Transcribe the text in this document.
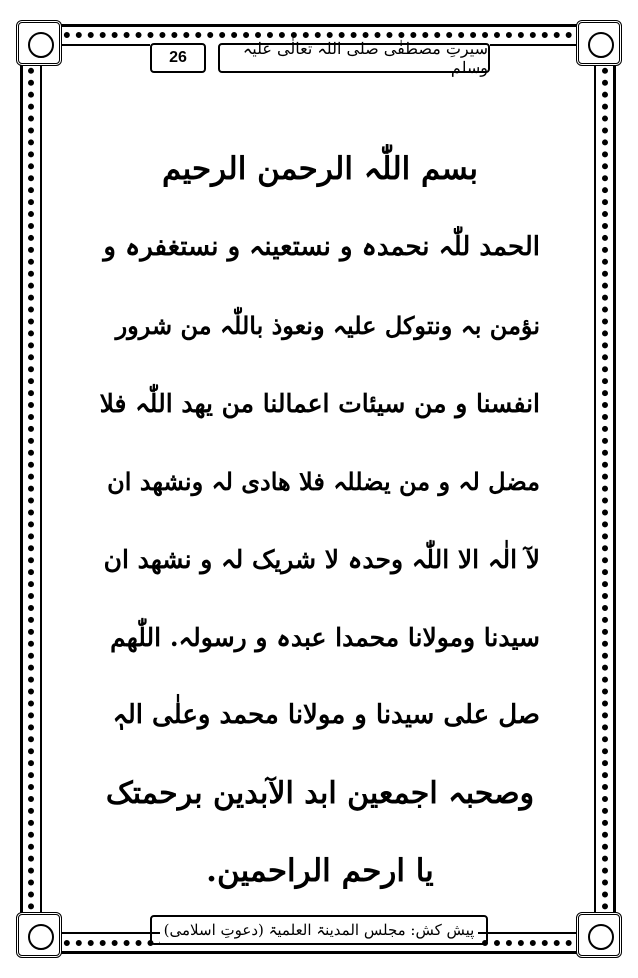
26	سیرتِ مصطفٰی صلی اللہ تعالٰی علیہ وسلم
بسم اللّٰہ الرحمن الرحیم
الحمد للّٰہ نحمدہ و نستعینہ و نستغفرہ و
نؤمن بہ ونتوکل علیہ ونعوذ باللّٰہ من شرور
انفسنا و من سیئات اعمالنا من یھد اللّٰہ فلا
مضل لہ و من یضللہ فلا ھادی لہ ونشھد ان
لآ الٰہ الا اللّٰہ وحدہ لا شریک لہ و نشھد ان
سیدنا ومولانا محمدا عبدہ و رسولہ. اللّٰھم
صل علی سیدنا و مولانا محمد وعلٰی الہٖ
وصحبہ اجمعین ابد الآبدین برحمتک
یا ارحم الراحمین.
پیش کش: مجلس المدینۃ العلمیۃ (دعوتِ اسلامی)
